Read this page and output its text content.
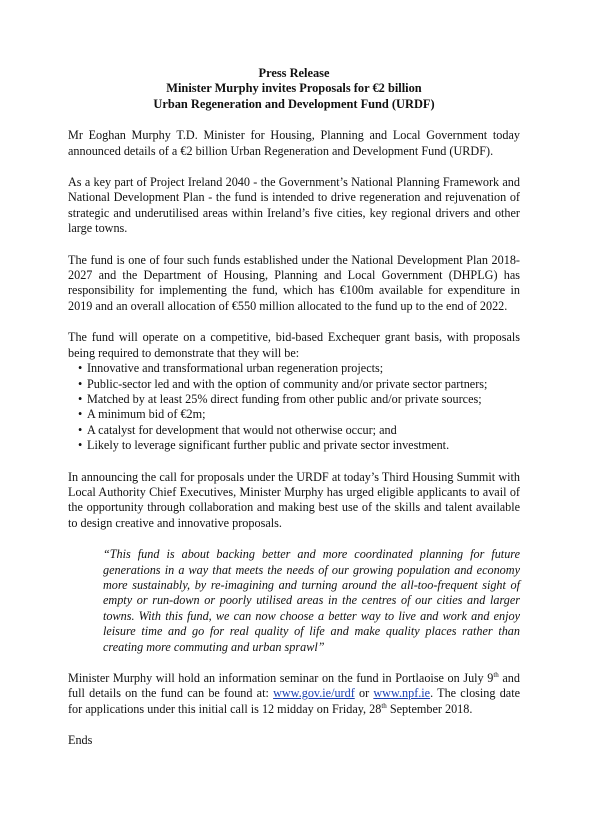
Press Release
Minister Murphy invites Proposals for €2 billion
Urban Regeneration and Development Fund (URDF)

Mr Eoghan Murphy T.D. Minister for Housing, Planning and Local Government today announced details of a €2 billion Urban Regeneration and Development Fund (URDF).

As a key part of Project Ireland 2040 - the Government’s National Planning Framework and National Development Plan - the fund is intended to drive regeneration and rejuvenation of strategic and underutilised areas within Ireland’s five cities, key regional drivers and other large towns.

The fund is one of four such funds established under the National Development Plan 2018-2027 and the Department of Housing, Planning and Local Government (DHPLG) has responsibility for implementing the fund, which has €100m available for expenditure in 2019 and an overall allocation of €550 million allocated to the fund up to the end of 2022.

The fund will operate on a competitive, bid-based Exchequer grant basis, with proposals being required to demonstrate that they will be:

• Innovative and transformational urban regeneration projects;
• Public-sector led and with the option of community and/or private sector partners;
• Matched by at least 25% direct funding from other public and/or private sources;
• A minimum bid of €2m;
• A catalyst for development that would not otherwise occur; and
• Likely to leverage significant further public and private sector investment.

In announcing the call for proposals under the URDF at today’s Third Housing Summit with Local Authority Chief Executives, Minister Murphy has urged eligible applicants to avail of the opportunity through collaboration and making best use of the skills and talent available to design creative and innovative proposals.

“This fund is about backing better and more coordinated planning for future generations in a way that meets the needs of our growing population and economy more sustainably, by re-imagining and turning around the all-too-frequent sight of empty or run-down or poorly utilised areas in the centres of our cities and larger towns. With this fund, we can now choose a better way to live and work and enjoy leisure time and go for real quality of life and make quality places rather than creating more commuting and urban sprawl”

Minister Murphy will hold an information seminar on the fund in Portlaoise on July 9th and full details on the fund can be found at: www.gov.ie/urdf or www.npf.ie. The closing date for applications under this initial call is 12 midday on Friday, 28th September 2018.

Ends
